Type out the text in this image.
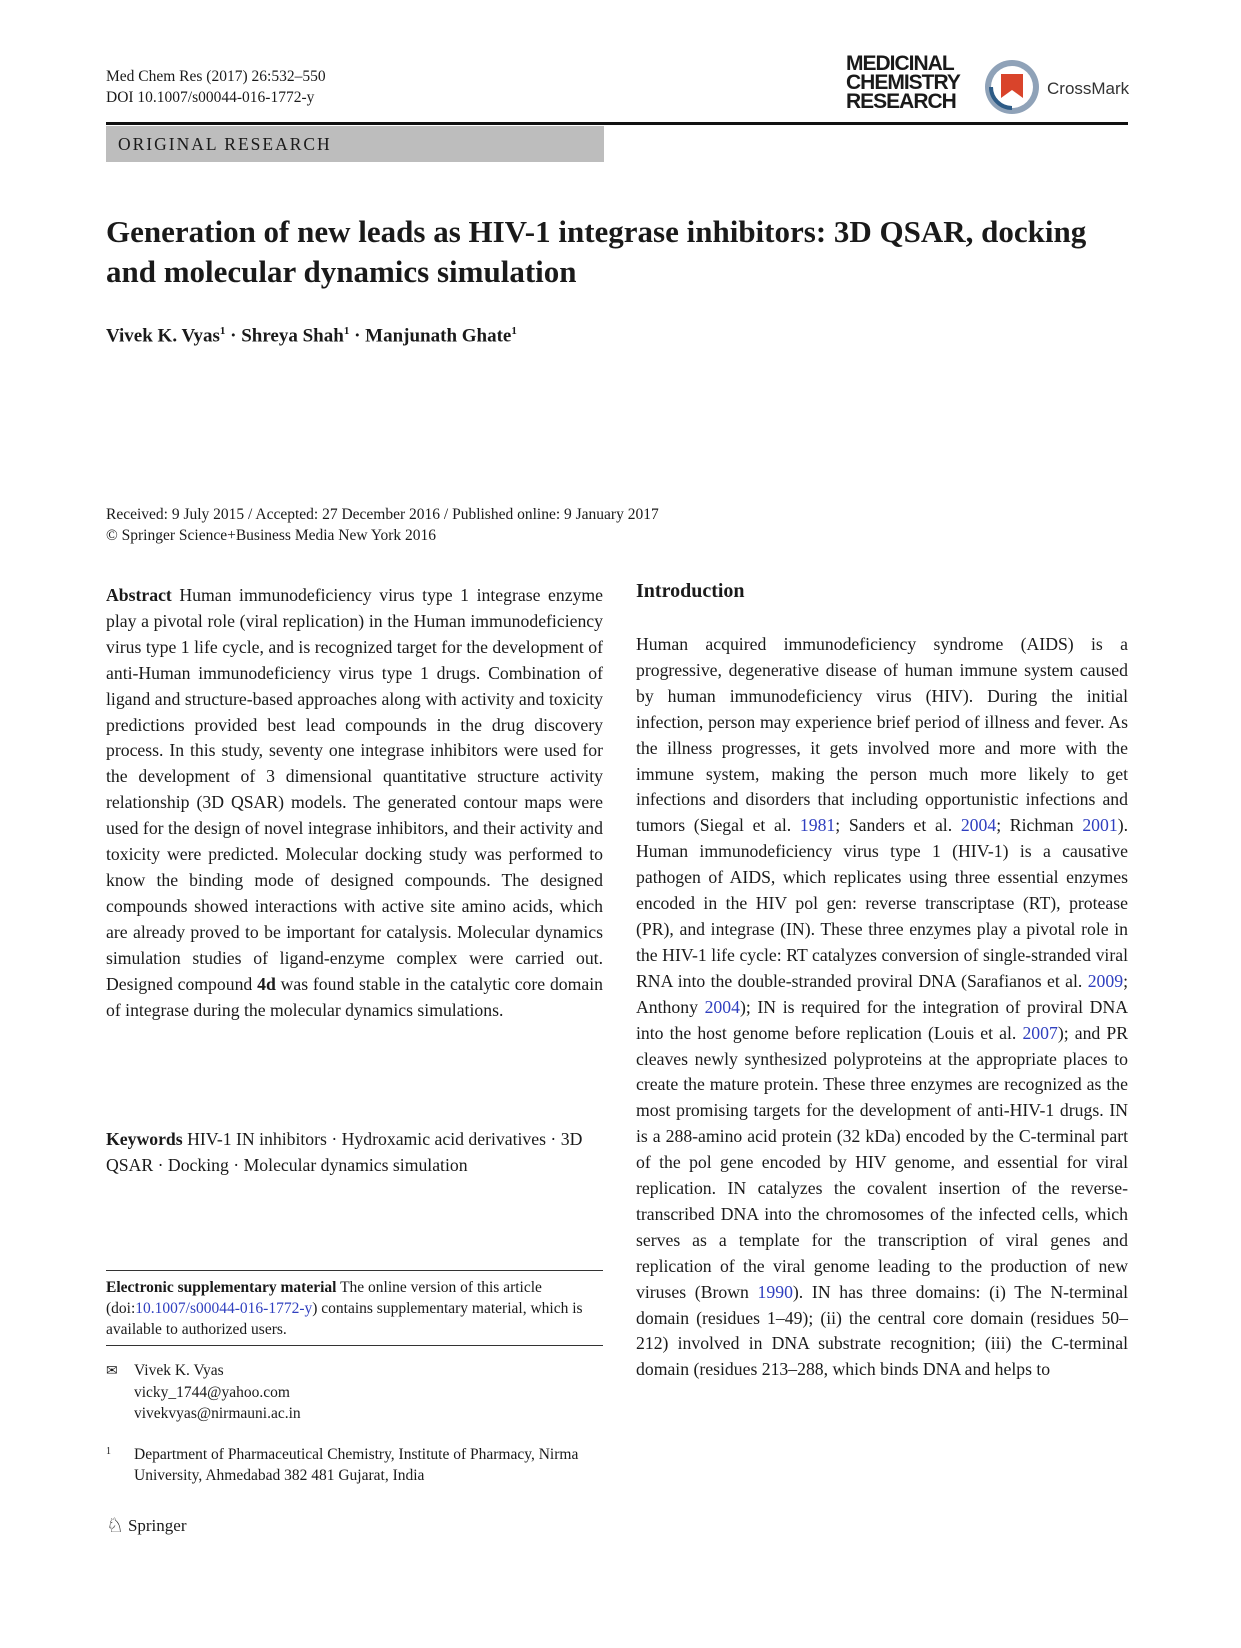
Med Chem Res (2017) 26:532–550
DOI 10.1007/s00044-016-1772-y
MEDICINAL
CHEMISTRY
RESEARCH
CrossMark
ORIGINAL RESEARCH
Generation of new leads as HIV-1 integrase inhibitors: 3D QSAR, docking and molecular dynamics simulation
Vivek K. Vyas$^1$ · Shreya Shah$^1$ · Manjunath Ghate$^1$
Received: 9 July 2015 / Accepted: 27 December 2016 / Published online: 9 January 2017
© Springer Science+Business Media New York 2016

Abstract Human immunodeficiency virus type 1 integrase enzyme play a pivotal role (viral replication) in the Human immunodeficiency virus type 1 life cycle, and is recognized target for the development of anti-Human immunodeficiency virus type 1 drugs. Combination of ligand and structure-based approaches along with activity and toxicity predictions provided best lead compounds in the drug discovery process. In this study, seventy one integrase inhibitors were used for the development of 3 dimensional quantitative structure activity relationship (3D QSAR) models. The generated contour maps were used for the design of novel integrase inhibitors, and their activity and toxicity were predicted. Molecular docking study was performed to know the binding mode of designed compounds. The designed compounds showed interactions with active site amino acids, which are already proved to be important for catalysis. Molecular dynamics simulation studies of ligand-enzyme complex were carried out. Designed compound 4d was found stable in the catalytic core domain of integrase during the molecular dynamics simulations.

Keywords HIV-1 IN inhibitors · Hydroxamic acid derivatives · 3D QSAR · Docking · Molecular dynamics simulation
Electronic supplementary material The online version of this article (doi:10.1007/s00044-016-1772-y) contains supplementary material, which is available to authorized users.
✉ Vivek K. Vyas
vicky_1744@yahoo.com
vivekvyas@nirmauni.ac.in
1	Department of Pharmaceutical Chemistry, Institute of Pharmacy, Nirma University, Ahmedabad 382 481 Gujarat, India
Introduction

Human acquired immunodeficiency syndrome (AIDS) is a progressive, degenerative disease of human immune system caused by human immunodeficiency virus (HIV). During the initial infection, person may experience brief period of illness and fever. As the illness progresses, it gets involved more and more with the immune system, making the person much more likely to get infections and disorders that including opportunistic infections and tumors (Siegal et al. 1981; Sanders et al. 2004; Richman 2001). Human immunodeficiency virus type 1 (HIV-1) is a causative pathogen of AIDS, which replicates using three essential enzymes encoded in the HIV pol gen: reverse transcriptase (RT), protease (PR), and integrase (IN). These three enzymes play a pivotal role in the HIV-1 life cycle: RT catalyzes conversion of single-stranded viral RNA into the double-stranded proviral DNA (Sarafianos et al. 2009; Anthony 2004); IN is required for the integration of proviral DNA into the host genome before replication (Louis et al. 2007); and PR cleaves newly synthesized polyproteins at the appropriate places to create the mature protein. These three enzymes are recognized as the most promising targets for the development of anti-HIV-1 drugs. IN is a 288-amino acid protein (32 kDa) encoded by the C-terminal part of the pol gene encoded by HIV genome, and essential for viral replication. IN catalyzes the covalent insertion of the reverse-transcribed DNA into the chromosomes of the infected cells, which serves as a template for the transcription of viral genes and replication of the viral genome leading to the production of new viruses (Brown 1990). IN has three domains: (i) The N-terminal domain (residues 1–49); (ii) the central core domain (residues 50–212) involved in DNA substrate recognition; (iii) the C-terminal domain (residues 213–288, which binds DNA and helps to

♘ Springer
